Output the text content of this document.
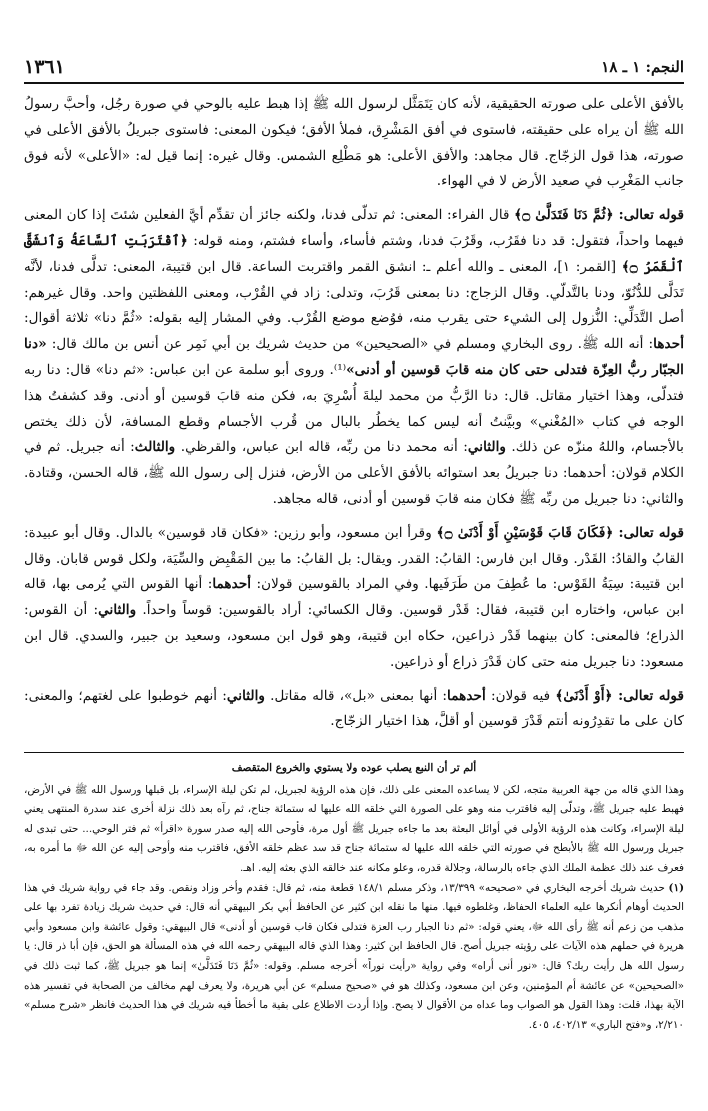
النجم: ١ ـ ١٨
١٣٦١

بالأفق الأعلى على صورته الحقيقية، لأنه كان يَتَمَثَّل لرسول الله ﷺ إذا هبط عليه بالوحي في صورة رجُل، وأحبَّ رسولُ الله ﷺ أن يراه على حقيقته، فاستوى في أفق المَشْرِق، فملأ الأفق؛ فيكون المعنى: فاستوى جبريلُ بالأفق الأعلى في صورته، هذا قول الزجّاج. قال مجاهد: والأفق الأعلى: هو مَطْلِع الشمس. وقال غيره: إنما قيل له: «الأعلى» لأنه فوق جانب المَغْرِب في صعيد الأرض لا في الهواء.

قوله تعالى: ﴿ثُمَّ دَنَا فَتَدَلَّىٰ ۝﴾ قال الفراء: المعنى: ثم تدلّى فدنا، ولكنه جائز أن تقدِّم أيَّ الفعلين شئتَ إذا كان المعنى فيهما واحداً، فتقول: قد دنا فقَرُب، وقَرُبَ فدنا، وشتم فأساء، وأساء فشتم، ومنه قوله: ﴿ٱقْتَرَبَتِ ٱلسَّاعَةُ وَٱنشَقَّ ٱلْقَمَرُ ۝﴾ [القمر: ١]، المعنى ـ والله أعلم ـ: انشق القمر واقتربت الساعة. قال ابن قتيبة، المعنى: تدلَّى فدنا، لأنَّه تَدَلَّى للدُّنُوّ، ودنا بالتَّدلّي. وقال الزجاج: دنا بمعنى قَرُبَ، وتدلى: زاد في القُرْب، ومعنى اللفظتين واحد. وقال غيرهم: أصل التَّدَلِّي: النُّزول إلى الشيء حتى يقرب منه، فوُضع موضع القُرْب. وفي المشار إليه بقوله: «ثُمَّ دنا» ثلاثة أقوال: أحدها: أنه الله ﷺ. روى البخاري ومسلم في «الصحيحين» من حديث شريك بن أبي نَمِر عن أنس بن مالك قال: «دنا الجبّار ربُّ العِزّة فتدلى حتى كان منه قابَ قوسين أو أدنى»⁽¹⁾. وروى أبو سلمة عن ابن عباس: «ثم دنا» قال: دنا ربه فتدلّى، وهذا اختيار مقاتل. قال: دنا الرَّبُّ من محمد ليلةَ أُسْرِيَ به، فكن منه قابَ قوسين أو أدنى. وقد كشفتُ هذا الوجه في كتاب «المُغْني» وبيَّنتُ أنه ليس كما يخطُر بالبال من قُرب الأجسام وقطع المسافة، لأن ذلك يختص بالأجسام، واللهُ منزّه عن ذلك. والثاني: أنه محمد دنا من ربِّه، قاله ابن عباس، والقرظي. والثالث: أنه جبريل. ثم في الكلام قولان: أحدهما: دنا جبريلُ بعد استوائه بالأفق الأعلى من الأرض، فنزل إلى رسول الله ﷺ، قاله الحسن، وقتادة. والثاني: دنا جبريل من ربِّه ﷺ فكان منه قابَ قوسين أو أدنى، قاله مجاهد.

قوله تعالى: ﴿فَكَانَ قَابَ قَوْسَيْنِ أَوْ أَدْنَىٰ ۝﴾ وقرأ ابن مسعود، وأبو رزين: «فكان قاد قوسين» بالدال. وقال أبو عبيدة: القابُ والقادُ: القَدْر. وقال ابن فارس: القابُ: القدر. ويقال: بل القابُ: ما بين المَقْبِض والسِّيَة، ولكل قوس قابان. وقال ابن قتيبة: سِيَةُ القَوْس: ما عُطِفَ من طَرَفَيها. وفي المراد بالقوسين قولان: أحدهما: أنها القوس التي يُرمى بها، قاله ابن عباس، واختاره ابن قتيبة، فقال: قَدْر قوسين. وقال الكسائي: أراد بالقوسين: قوساً واحداً. والثاني: أن القوس: الذراع؛ فالمعنى: كان بينهما قَدْر ذراعين، حكاه ابن قتيبة، وهو قول ابن مسعود، وسعيد بن جبير، والسدي. قال ابن مسعود: دنا جبريل منه حتى كان قَدْرَ ذراع أو ذراعين.

قوله تعالى: ﴿أَوْ أَدْنَىٰ﴾ فيه قولان: أحدهما: أنها بمعنى «بل»، قاله مقاتل. والثاني: أنهم خوطبوا على لغتهم؛ والمعنى: كان على ما تقدِرُونه أنتم قَدْرَ قوسين أو أقلَّ، هذا اختيار الزجّاج.

ألم تر أن النبع يصلب عوده ولا يستوي والخروع المتقصف

وهذا الذي قاله من جهة العربية متجه، لكن لا يساعده المعنى على ذلك، فإن هذه الرؤية لجبريل، لم تكن ليلة الإسراء، بل قبلها ورسول الله ﷺ في الأرض، فهبط عليه جبريل ﷺ، وتدلّى إليه فاقترب منه وهو على الصورة التي خلقه الله عليها له ستمائة جناح، ثم رآه بعد ذلك نزلة أخرى عند سدرة المنتهى يعني ليلة الإسراء، وكانت هذه الرؤية الأولى في أوائل البعثة بعد ما جاءه جبريل ﷺ أول مرة، فأوحى الله إليه صدر سورة «اقرأ» ثم فتر الوحي... حتى تبدى له جبريل ورسول الله ﷺ بالأبطح في صورته التي خلقه الله عليها له ستمائة جناح قد سد عظم خلقه الأفق، فاقترب منه وأوحى إليه عن الله ﷻ ما أمره به، فعرف عند ذلك عظمة الملك الذي جاءه بالرسالة، وجلالة قدره، وعلو مكانه عند خالقه الذي بعثه إليه. اهـ.

(١) حديث شريك أخرجه البخاري في «صحيحه» ١٣/٣٩٩، وذكر مسلم ١٤٨/١ قطعة منه، ثم قال: فقدم وأخر وزاد ونقص. وقد جاء في رواية شريك في هذا الحديث أوهام أنكرها عليه العلماء الحفاظ، وغلطوه فيها. منها ما نقله ابن كثير عن الحافظ أبي بكر البيهقي أنه قال: في حديث شريك زيادة تفرد بها على مذهب من زعم أنه ﷺ رأى الله ﷻ، يعني قوله: «ثم دنا الجبار رب العزة فتدلى فكان قاب قوسين أو أدنى» قال البيهقي: وقول عائشة وابن مسعود وأبي هريرة في حملهم هذه الآيات على رؤيته جبريل أصح. قال الحافظ ابن كثير: وهذا الذي قاله البيهقي رحمه الله في هذه المسألة هو الحق، فإن أبا ذر قال: يا رسول الله هل رأيت ربك؟ قال: «نور أنى أراه» وفي رواية «رأيت نوراً» أخرجه مسلم. وقوله: «ثُمَّ دَنَا فَتَدَلَّىٰ» إنما هو جبريل ﷺ، كما ثبت ذلك في «الصحيحين» عن عائشة أم المؤمنين، وعن ابن مسعود، وكذلك هو في «صحيح مسلم» عن أبي هريرة، ولا يعرف لهم مخالف من الصحابة في تفسير هذه الآية بهذا، قلت: وهذا القول هو الصواب وما عداه من الأقوال لا يصح. وإذا أردت الاطلاع على بقية ما أخطأ فيه شريك في هذا الحديث فانظر «شرح مسلم» ٢/٢١٠، و«فتح الباري» ٤٠٢/١٣، ٤٠٥.
